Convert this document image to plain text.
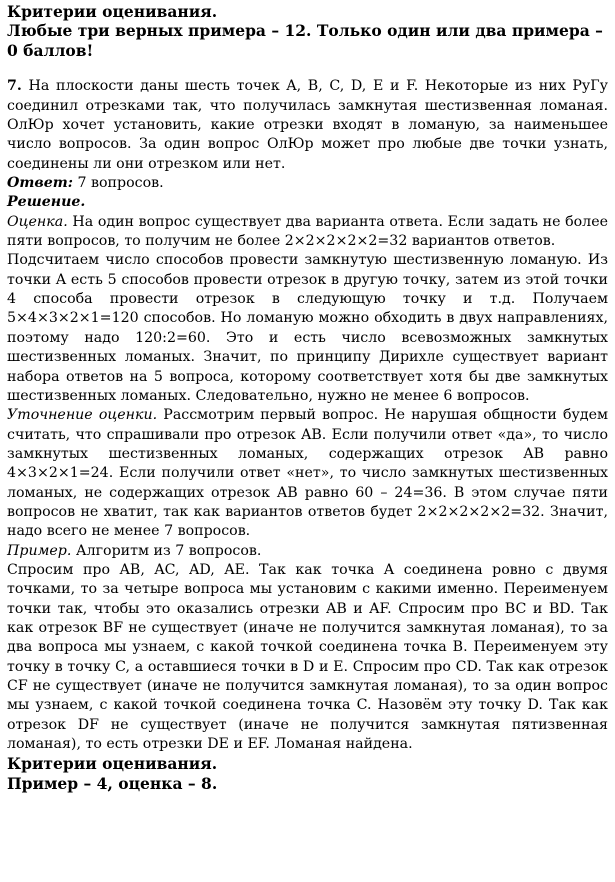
Критерии оценивания.
Любые три верных примера – 12. Только один или два примера – 0 баллов!

7. На плоскости даны шесть точек A, B, C, D, E и F. Некоторые из них РуГу соединил отрезками так, что получилась замкнутая шестизвенная ломаная. ОлЮр хочет установить, какие отрезки входят в ломаную, за наименьшее число вопросов. За один вопрос ОлЮр может про любые две точки узнать, соединены ли они отрезком или нет.

Ответ: 7 вопросов.

Решение.

Оценка. На один вопрос существует два варианта ответа. Если задать не более пяти вопросов, то получим не более 2×2×2×2×2=32 вариантов ответов.

Подсчитаем число способов провести замкнутую шестизвенную ломаную. Из точки A есть 5 способов провести отрезок в другую точку, затем из этой точки 4 способа провести отрезок в следующую точку и т.д. Получаем 5×4×3×2×1=120 способов. Но ломаную можно обходить в двух направлениях, поэтому надо 120:2=60. Это и есть число всевозможных замкнутых шестизвенных ломаных. Значит, по принципу Дирихле существует вариант набора ответов на 5 вопроса, которому соответствует хотя бы две замкнутых шестизвенных ломаных. Следовательно, нужно не менее 6 вопросов.

Уточнение оценки. Рассмотрим первый вопрос. Не нарушая общности будем считать, что спрашивали про отрезок AB. Если получили ответ «да», то число замкнутых шестизвенных ломаных, содержащих отрезок AB равно 4×3×2×1=24. Если получили ответ «нет», то число замкнутых шестизвенных ломаных, не содержащих отрезок AB равно 60 – 24=36. В этом случае пяти вопросов не хватит, так как вариантов ответов будет 2×2×2×2×2=32. Значит, надо всего не менее 7 вопросов.

Пример. Алгоритм из 7 вопросов.

Спросим про AB, AC, AD, AE. Так как точка A соединена ровно с двумя точками, то за четыре вопроса мы установим с какими именно. Переименуем точки так, чтобы это оказались отрезки AB и AF. Спросим про BC и BD. Так как отрезок BF не существует (иначе не получится замкнутая ломаная), то за два вопроса мы узнаем, с какой точкой соединена точка B. Переименуем эту точку в точку C, а оставшиеся точки в D и E. Спросим про CD. Так как отрезок CF не существует (иначе не получится замкнутая ломаная), то за один вопрос мы узнаем, с какой точкой соединена точка C. Назовём эту точку D. Так как отрезок DF не существует (иначе не получится замкнутая пятизвенная ломаная), то есть отрезки DE и EF. Ломаная найдена.

Критерии оценивания.
Пример – 4, оценка – 8.
